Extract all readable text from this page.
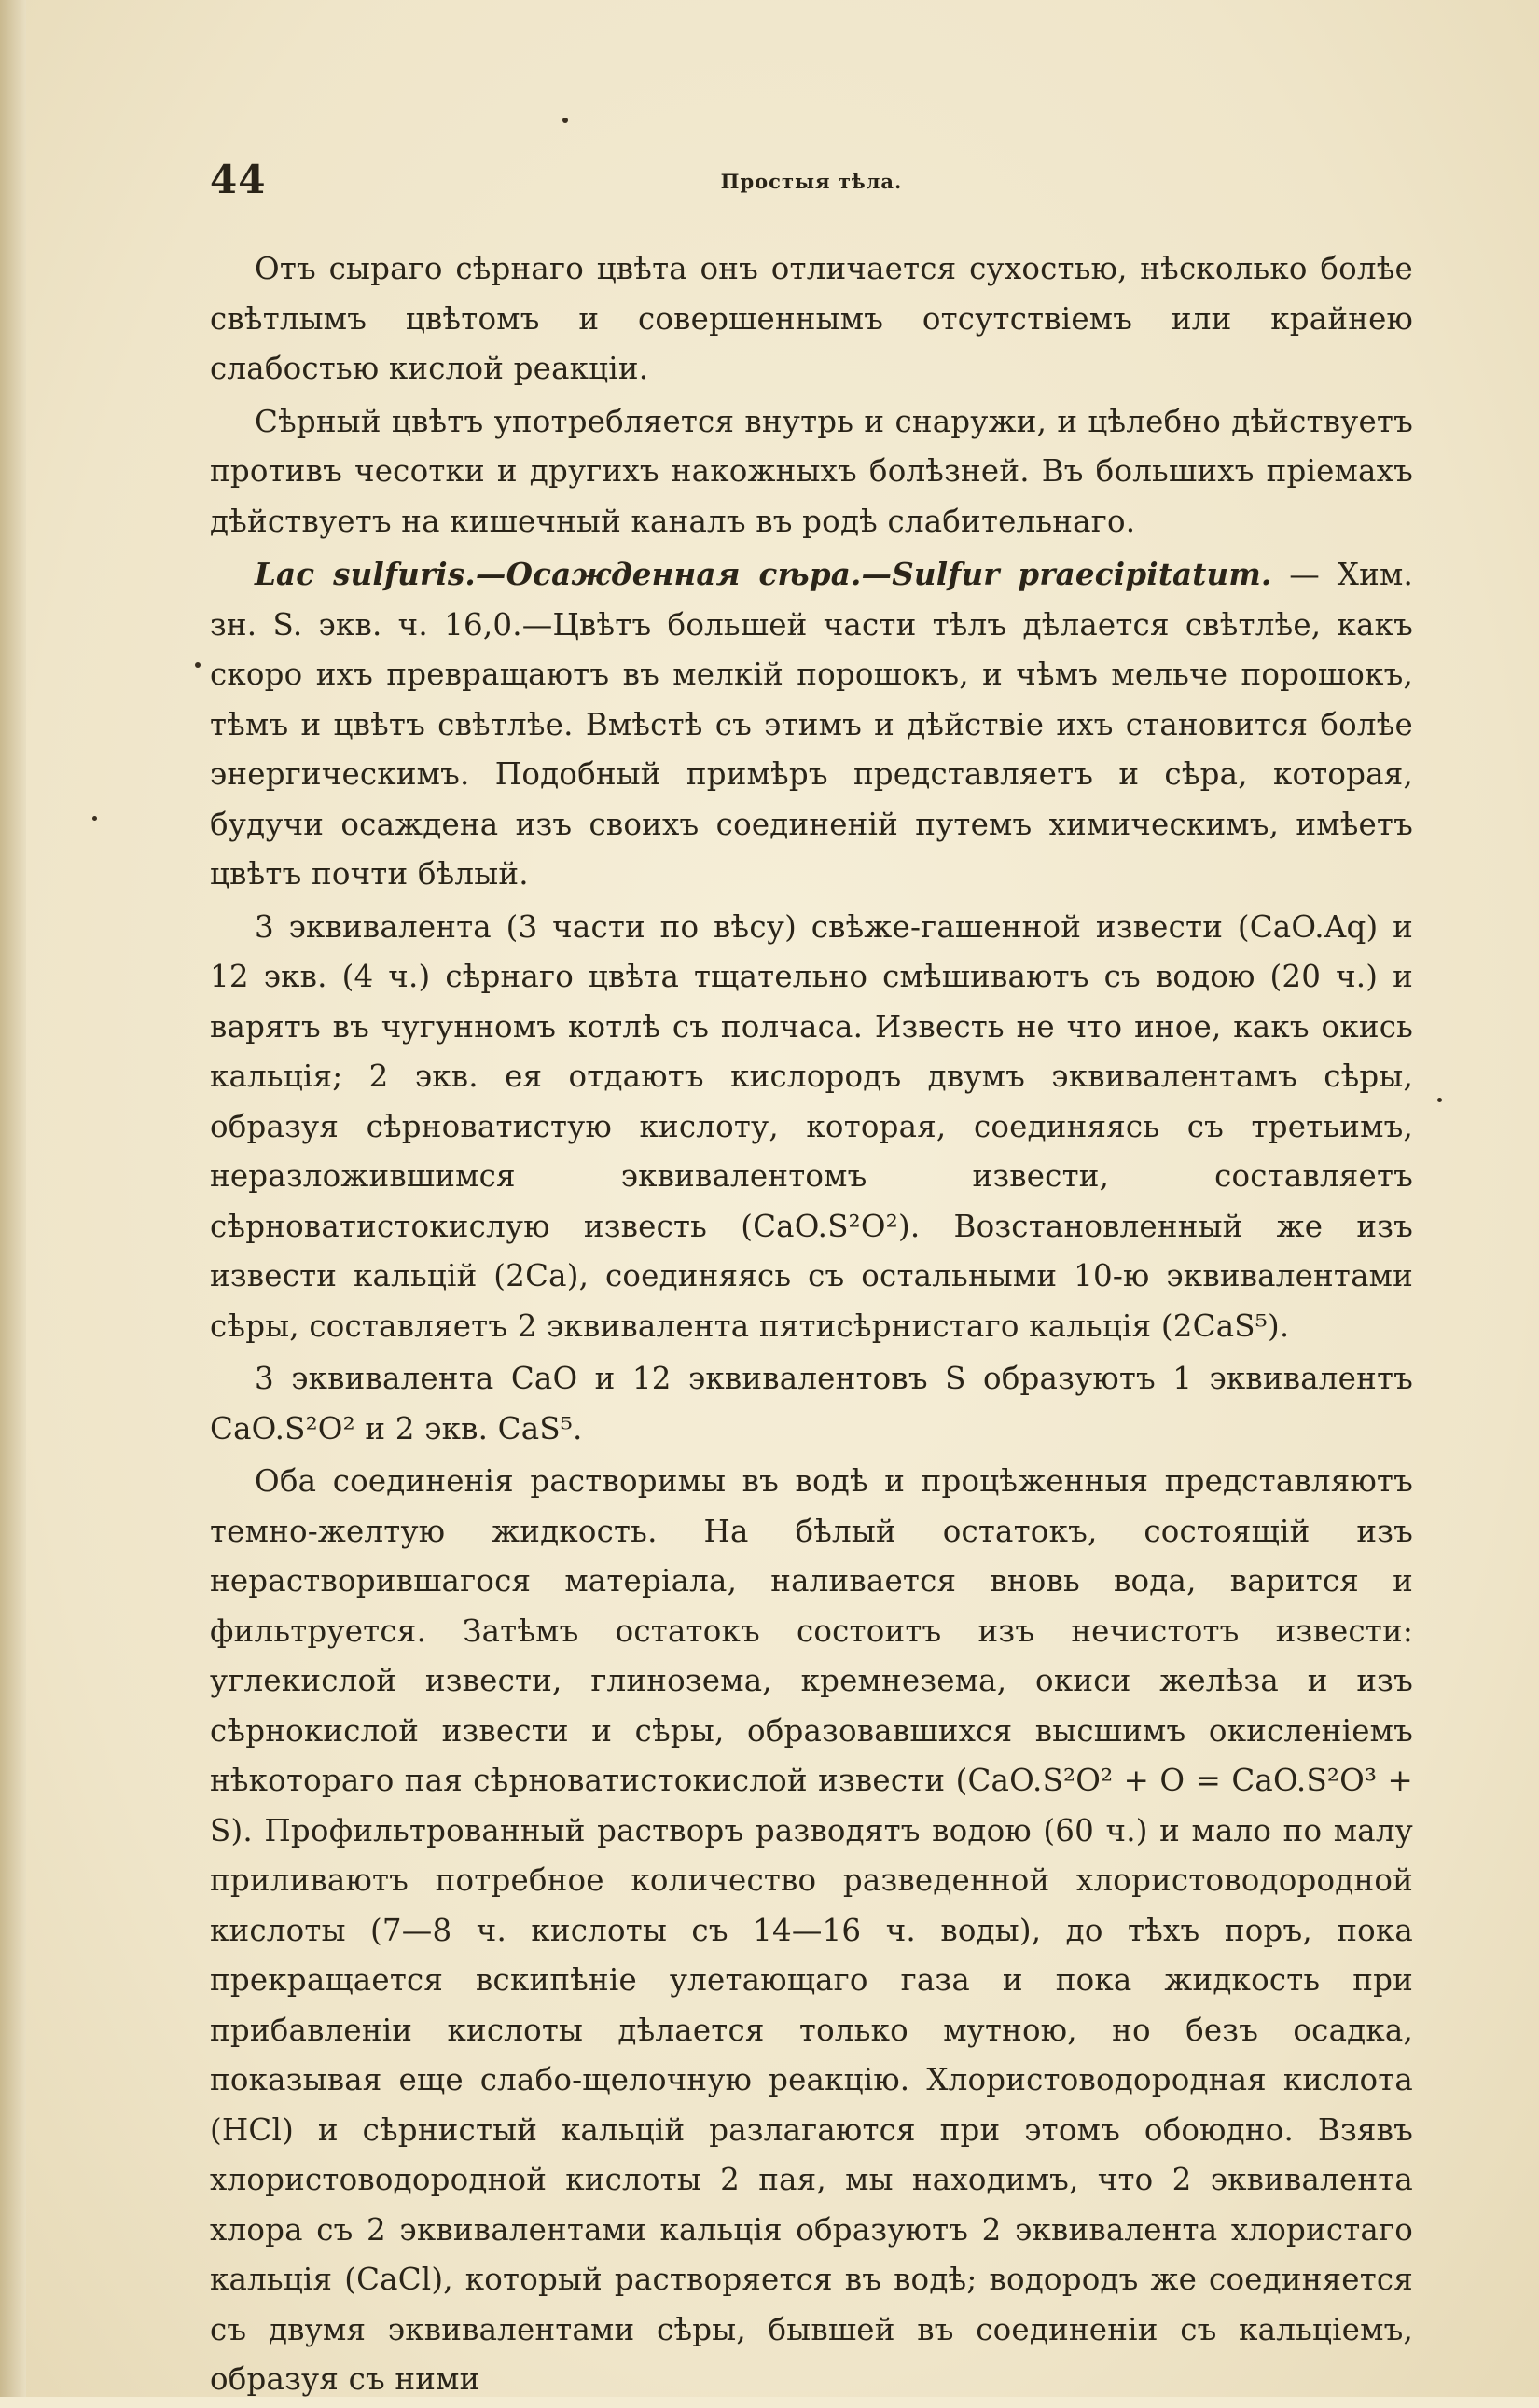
44	Простыя тѣла.

Отъ сыраго сѣрнаго цвѣта онъ отличается сухостью, нѣсколько болѣе свѣтлымъ цвѣтомъ и совершеннымъ отсутствіемъ или крайнею слабостью кислой реакціи.

Сѣрный цвѣтъ употребляется внутрь и снаружи, и цѣлебно дѣйствуетъ противъ чесотки и другихъ накожныхъ болѣзней. Въ большихъ пріемахъ дѣйствуетъ на кишечный каналъ въ родѣ слабительнаго.

Lac sulfuris.—Осажденная сѣра.—Sulfur praecipitatum. — Хим. зн. S. экв. ч. 16,0.—Цвѣтъ большей части тѣлъ дѣлается свѣтлѣе, какъ скоро ихъ превращаютъ въ мелкій порошокъ, и чѣмъ мельче порошокъ, тѣмъ и цвѣтъ свѣтлѣе. Вмѣстѣ съ этимъ и дѣйствіе ихъ становится болѣе энергическимъ. Подобный примѣръ представляетъ и сѣра, которая, будучи осаждена изъ своихъ соединеній путемъ химическимъ, имѣетъ цвѣтъ почти бѣлый.

3 эквивалента (3 части по вѣсу) свѣже-гашенной извести (CaO.Aq) и 12 экв. (4 ч.) сѣрнаго цвѣта тщательно смѣшиваютъ съ водою (20 ч.) и варятъ въ чугунномъ котлѣ съ полчаса. Известь не что иное, какъ окись кальція; 2 экв. ея отдаютъ кислородъ двумъ эквивалентамъ сѣры, образуя сѣрноватистую кислоту, которая, соединяясь съ третьимъ, неразложившимся эквивалентомъ извести, составляетъ сѣрноватистокислую известь (CaO.S²O²). Возстановленный же изъ извести кальцій (2Ca), соединяясь съ остальными 10-ю эквивалентами сѣры, составляетъ 2 эквивалента пятисѣрнистаго кальція (2CaS⁵).

3 эквивалента CaO и 12 эквивалентовъ S образуютъ 1 эквивалентъ CaO.S²O² и 2 экв. CaS⁵.

Оба соединенія растворимы въ водѣ и процѣженныя представляютъ темно-желтую жидкость. На бѣлый остатокъ, состоящій изъ нерастворившагося матеріала, наливается вновь вода, варится и фильтруется. Затѣмъ остатокъ состоитъ изъ нечистотъ извести: углекислой извести, глинозема, кремнезема, окиси желѣза и изъ сѣрнокислой извести и сѣры, образовавшихся высшимъ окисленіемъ нѣкотораго пая сѣрноватистокислой извести (CaO.S²O² + O = CaO.S²O³ + S). Профильтрованный растворъ разводятъ водою (60 ч.) и мало по малу приливаютъ потребное количество разведенной хлористоводородной кислоты (7—8 ч. кислоты съ 14—16 ч. воды), до тѣхъ поръ, пока прекращается вскипѣніе улетающаго газа и пока жидкость при прибавленіи кислоты дѣлается только мутною, но безъ осадка, показывая еще слабо-щелочную реакцію. Хлористоводородная кислота (HCl) и сѣрнистый кальцій разлагаются при этомъ обоюдно. Взявъ хлористоводородной кислоты 2 пая, мы находимъ, что 2 эквивалента хлора съ 2 эквивалентами кальція образуютъ 2 эквивалента хлористаго кальція (CaCl), который растворяется въ водѣ; водородъ же соединяется съ двумя эквивалентами сѣры, бывшей въ соединеніи съ кальціемъ, образуя съ ними
